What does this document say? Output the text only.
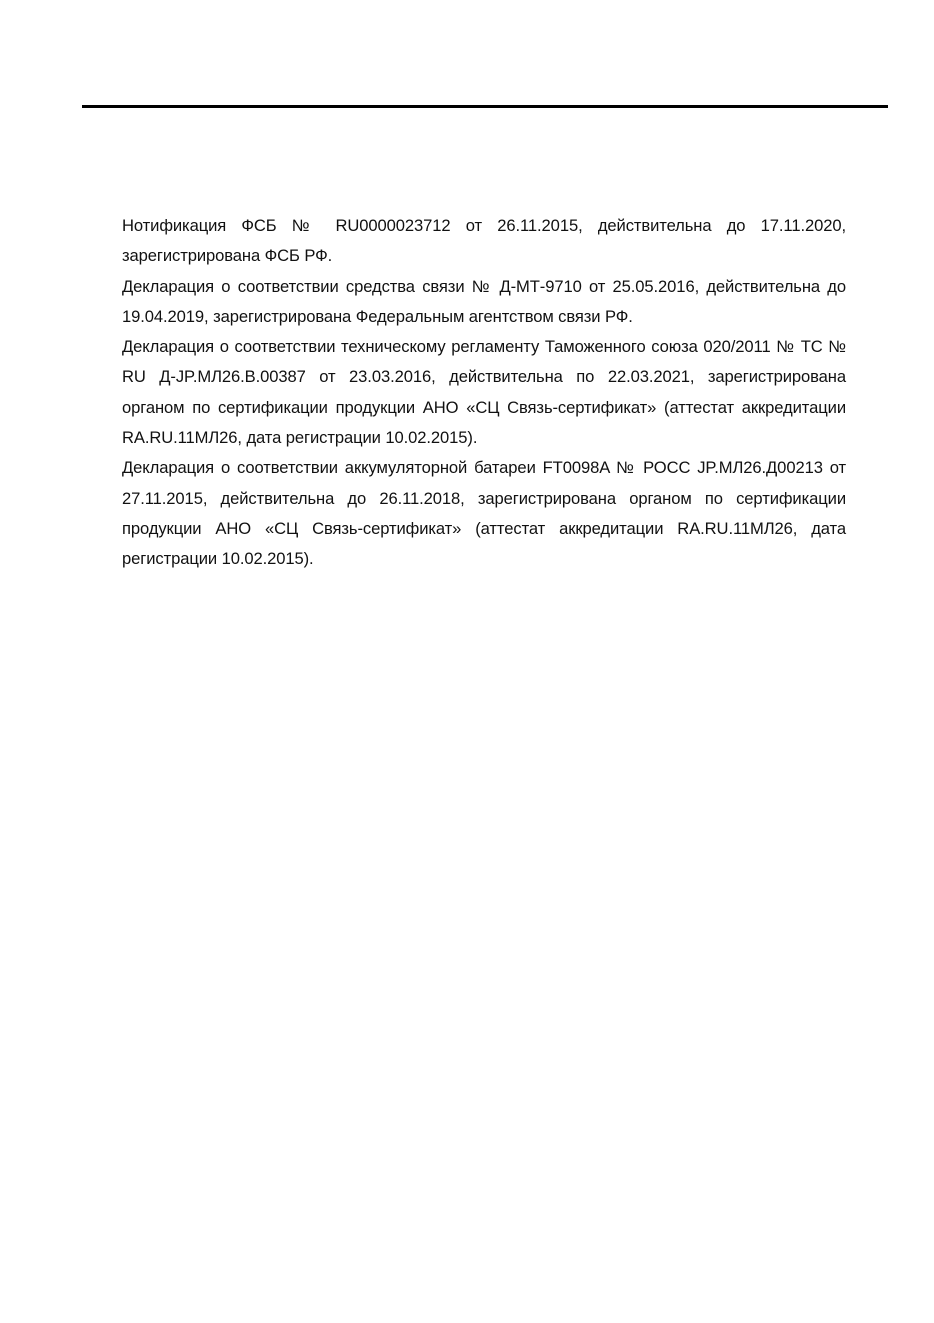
Нотификация ФСБ № RU0000023712 от 26.11.2015, действительна до 17.11.2020, зарегистрирована ФСБ РФ.

Декларация о соответствии средства связи № Д-МТ-9710 от 25.05.2016, действительна до 19.04.2019, зарегистрирована Федеральным агентством связи РФ.

Декларация о соответствии техническому регламенту Таможенного союза 020/2011 № ТС № RU Д-JP.МЛ26.В.00387 от 23.03.2016, действительна по 22.03.2021, зарегистрирована органом по сертификации продукции АНО «СЦ Связь-сертификат» (аттестат аккредитации RA.RU.11МЛ26, дата регистрации 10.02.2015).

Декларация о соответствии аккумуляторной батареи FT0098A № РОСС JP.МЛ26.Д00213 от 27.11.2015, действительна до 26.11.2018, зарегистрирована органом по сертификации продукции АНО «СЦ Связь-сертификат» (аттестат аккредитации RA.RU.11МЛ26, дата регистрации 10.02.2015).
